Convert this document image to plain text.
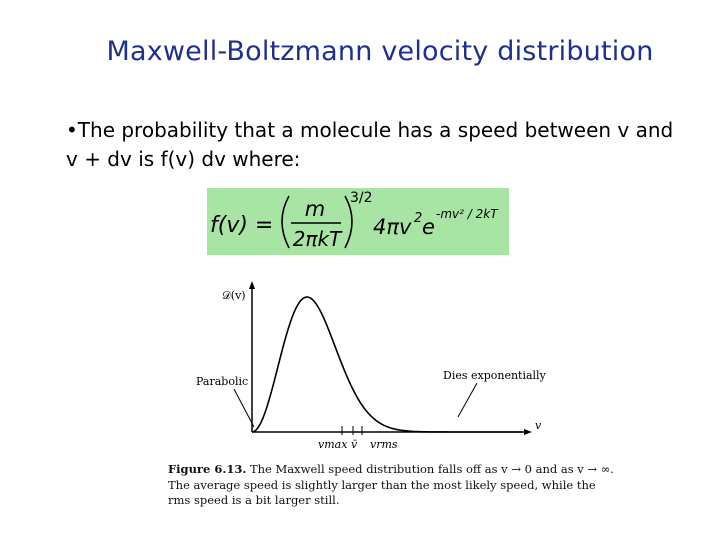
Maxwell-Boltzmann velocity distribution
•The probability that a molecule has a speed between v and v + dv is f(v) dv where:
f(v) =
m
2πkT
3/2
4πv 2 e
-mv² / 2kT
𝒟(v)
v
Parabolic	Dies exponentially
vmax v̄ vrms
Figure 6.13. The Maxwell speed distribution falls off as v → 0 and as v → ∞. The average speed is slightly larger than the most likely speed, while the rms speed is a bit larger still.
